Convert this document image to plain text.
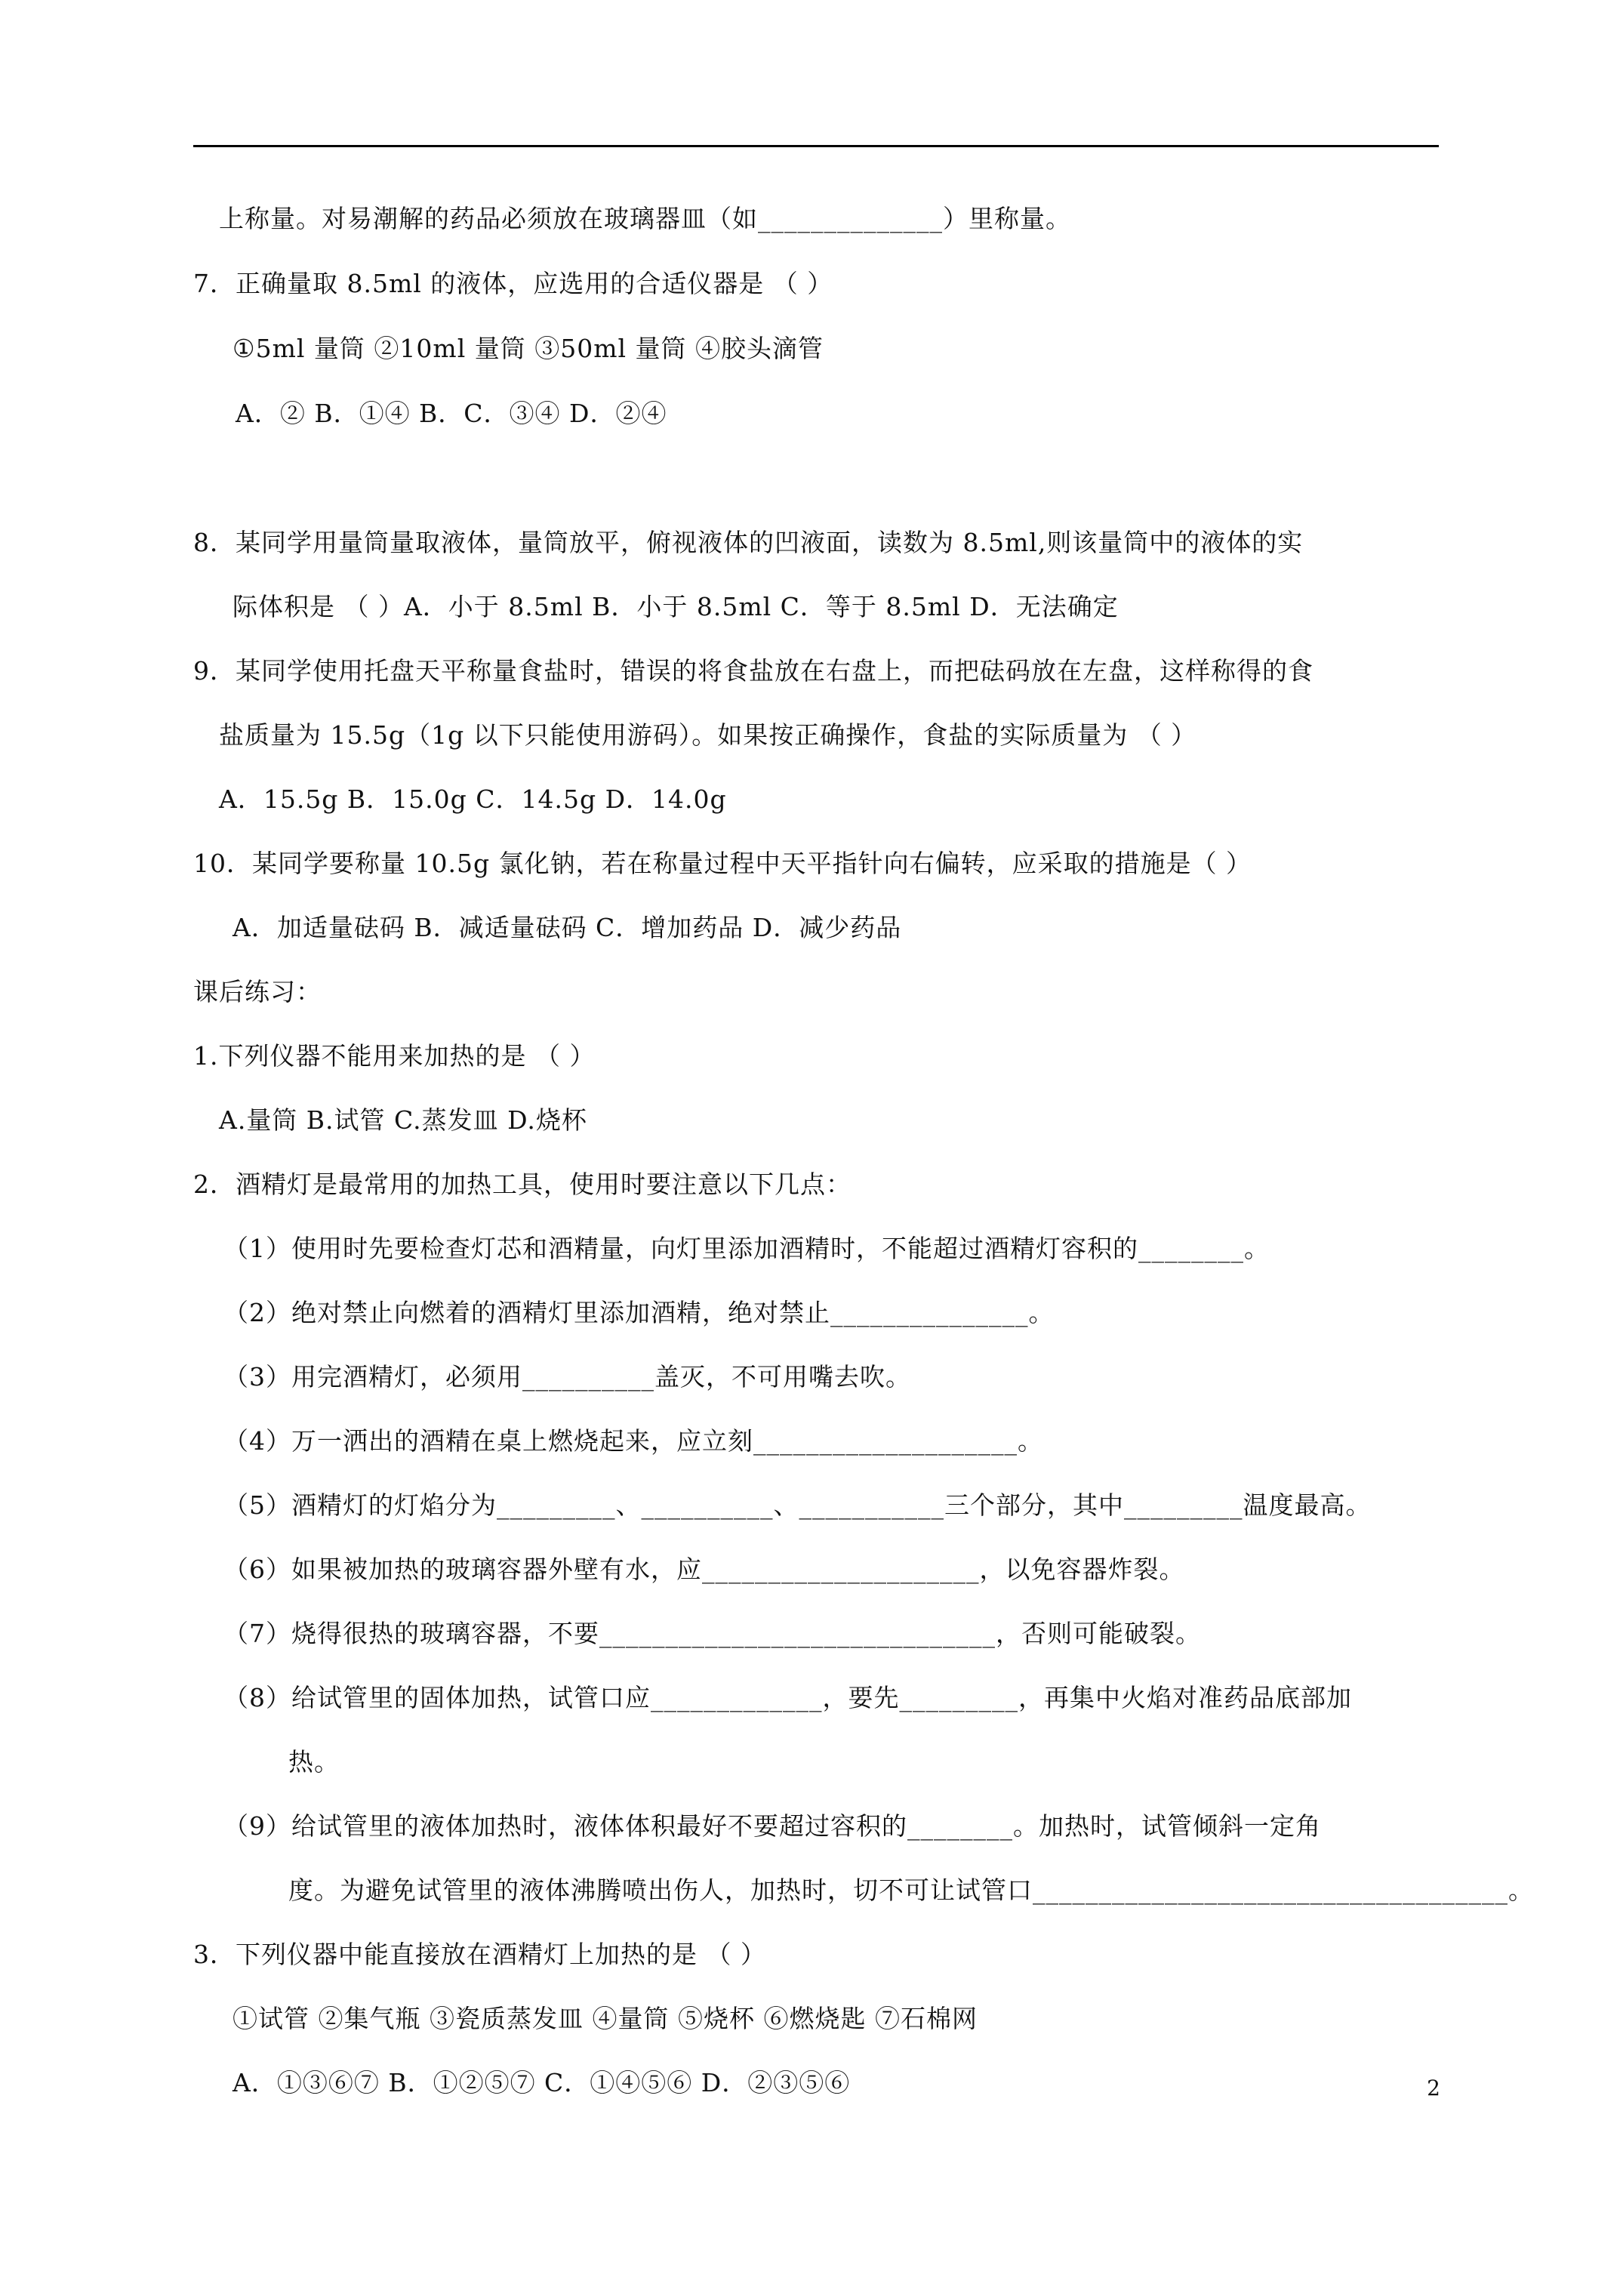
上称量。对易潮解的药品必须放在玻璃器皿（如______________）里称量。
7．正确量取 8.5ml 的液体，应选用的合适仪器是 （ ）
①5ml 量筒 ②10ml 量筒 ③50ml 量筒 ④胶头滴管
A．② B．①④ B．C．③④ D．②④
8．某同学用量筒量取液体，量筒放平，俯视液体的凹液面，读数为 8.5ml,则该量筒中的液体的实
际体积是 （ ）A．小于 8.5ml B．小于 8.5ml C．等于 8.5ml D．无法确定
9．某同学使用托盘天平称量食盐时，错误的将食盐放在右盘上，而把砝码放在左盘，这样称得的食
盐质量为 15.5g（1g 以下只能使用游码）。如果按正确操作，食盐的实际质量为 （ ）
A．15.5g B．15.0g C．14.5g D．14.0g
10．某同学要称量 10.5g 氯化钠，若在称量过程中天平指针向右偏转，应采取的措施是（ ）
A．加适量砝码 B．减适量砝码 C．增加药品 D．减少药品
课后练习：
1.下列仪器不能用来加热的是 （ ）
A.量筒 B.试管 C.蒸发皿 D.烧杯
2．酒精灯是最常用的加热工具，使用时要注意以下几点：
（1）使用时先要检查灯芯和酒精量，向灯里添加酒精时，不能超过酒精灯容积的________。
（2）绝对禁止向燃着的酒精灯里添加酒精，绝对禁止_______________。
（3）用完酒精灯，必须用__________盖灭，不可用嘴去吹。
（4）万一洒出的酒精在桌上燃烧起来，应立刻____________________。
（5）酒精灯的灯焰分为_________、__________、___________三个部分，其中_________温度最高。
（6）如果被加热的玻璃容器外壁有水，应_____________________，以免容器炸裂。
（7）烧得很热的玻璃容器，不要______________________________，否则可能破裂。
（8）给试管里的固体加热，试管口应_____________，要先_________，再集中火焰对准药品底部加
热。
（9）给试管里的液体加热时，液体体积最好不要超过容积的________。加热时，试管倾斜一定角
度。为避免试管里的液体沸腾喷出伤人，加热时，切不可让试管口____________________________________。
3．下列仪器中能直接放在酒精灯上加热的是 （ ）
①试管 ②集气瓶 ③瓷质蒸发皿 ④量筒 ⑤烧杯 ⑥燃烧匙 ⑦石棉网
A．①③⑥⑦ B．①②⑤⑦ C．①④⑤⑥ D．②③⑤⑥	2
